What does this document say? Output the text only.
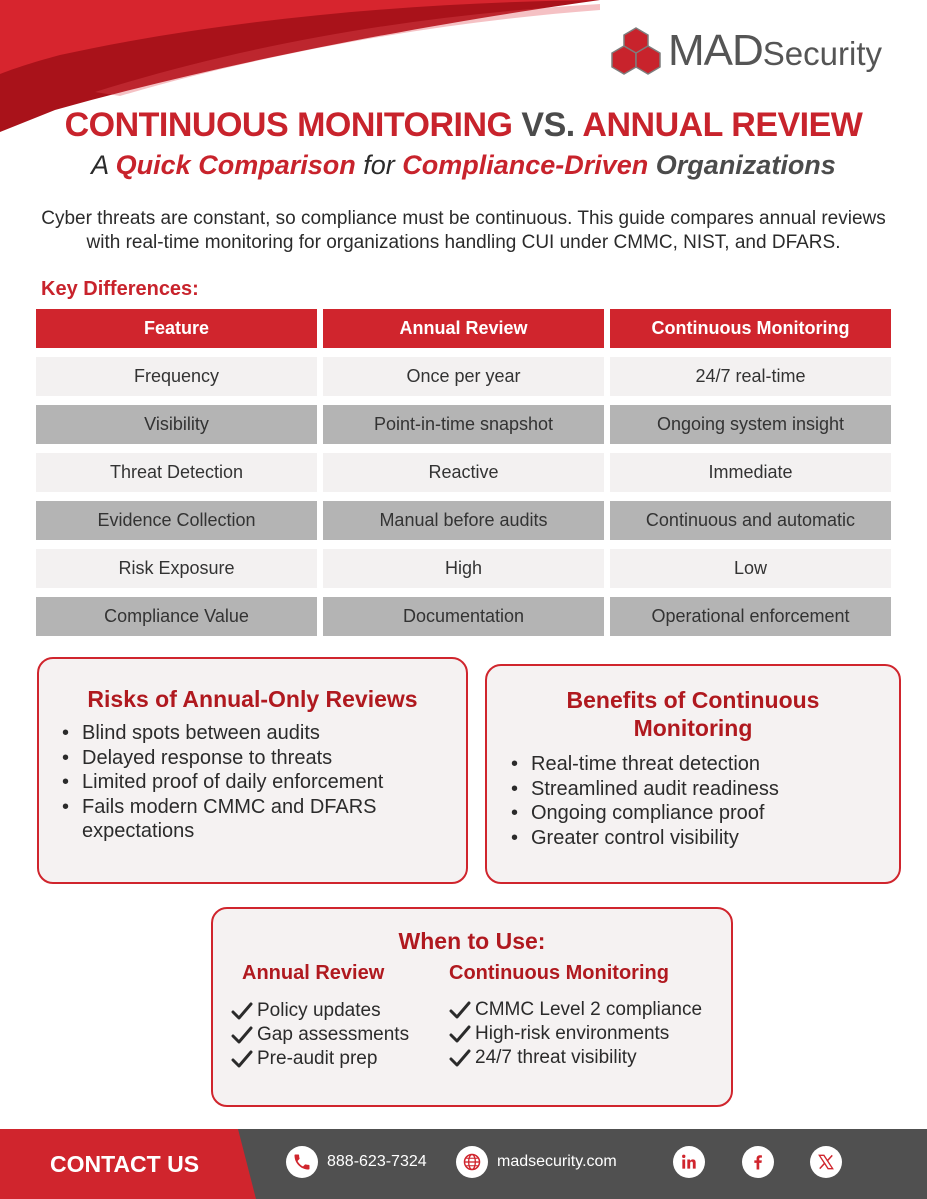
MADSecurity
CONTINUOUS MONITORING VS. ANNUAL REVIEW
A Quick Comparison for Compliance-Driven Organizations

Cyber threats are constant, so compliance must be continuous. This guide compares annual reviews with real-time monitoring for organizations handling CUI under CMMC, NIST, and DFARS.

Key Differences:
Feature	Annual Review	Continuous Monitoring
Frequency	Once per year	24/7 real-time
Visibility	Point-in-time snapshot	Ongoing system insight
Threat Detection	Reactive	Immediate
Evidence Collection	Manual before audits	Continuous and automatic
Risk Exposure	High	Low
Compliance Value	Documentation	Operational enforcement
Risks of Annual-Only Reviews
• Blind spots between audits
• Delayed response to threats
• Limited proof of daily enforcement
• Fails modern CMMC and DFARS expectations
Benefits of Continuous Monitoring
• Real-time threat detection
• Streamlined audit readiness
• Ongoing compliance proof
• Greater control visibility
When to Use:
Annual Review
Policy updates
Gap assessments
Pre-audit prep
Continuous Monitoring
CMMC Level 2 compliance
High-risk environments
24/7 threat visibility
CONTACT US	888-623-7324	madsecurity.com
